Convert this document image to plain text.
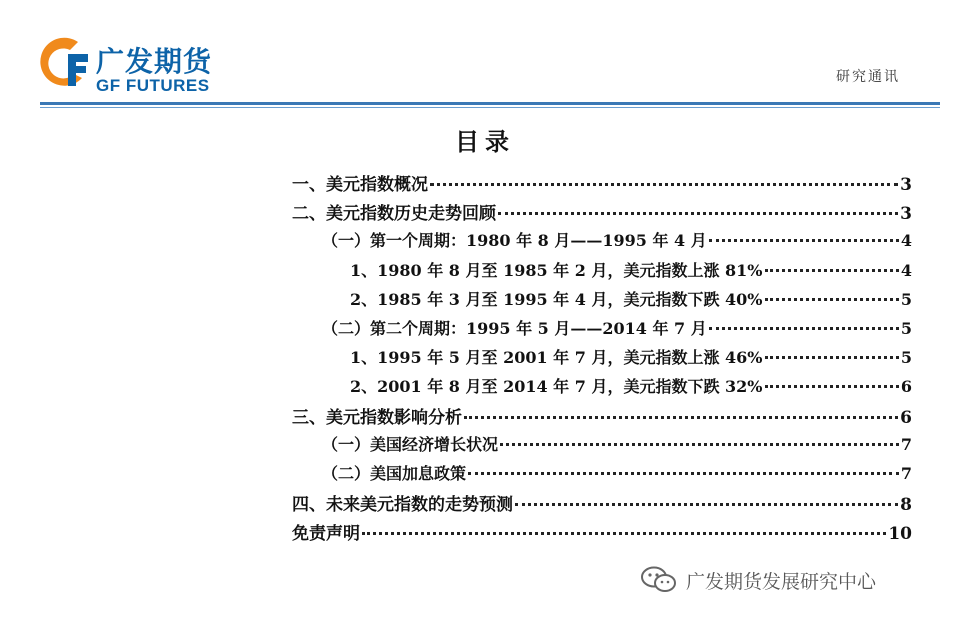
广发期货
GF FUTURES	研究通讯
目录
一、美元指数概况	3
二、美元指数历史走势回顾	3
（一）第一个周期：1980 年 8 月——1995 年 4 月	4
1、1980 年 8 月至 1985 年 2 月，美元指数上涨 81%	4
2、1985 年 3 月至 1995 年 4 月，美元指数下跌 40%	5
（二）第二个周期：1995 年 5 月——2014 年 7 月	5
1、1995 年 5 月至 2001 年 7 月，美元指数上涨 46%	5
2、2001 年 8 月至 2014 年 7 月，美元指数下跌 32%	6
三、美元指数影响分析	6
（一）美国经济增长状况	7
（二）美国加息政策	7
四、未来美元指数的走势预测	8
免责声明	10
广发期货发展研究中心
